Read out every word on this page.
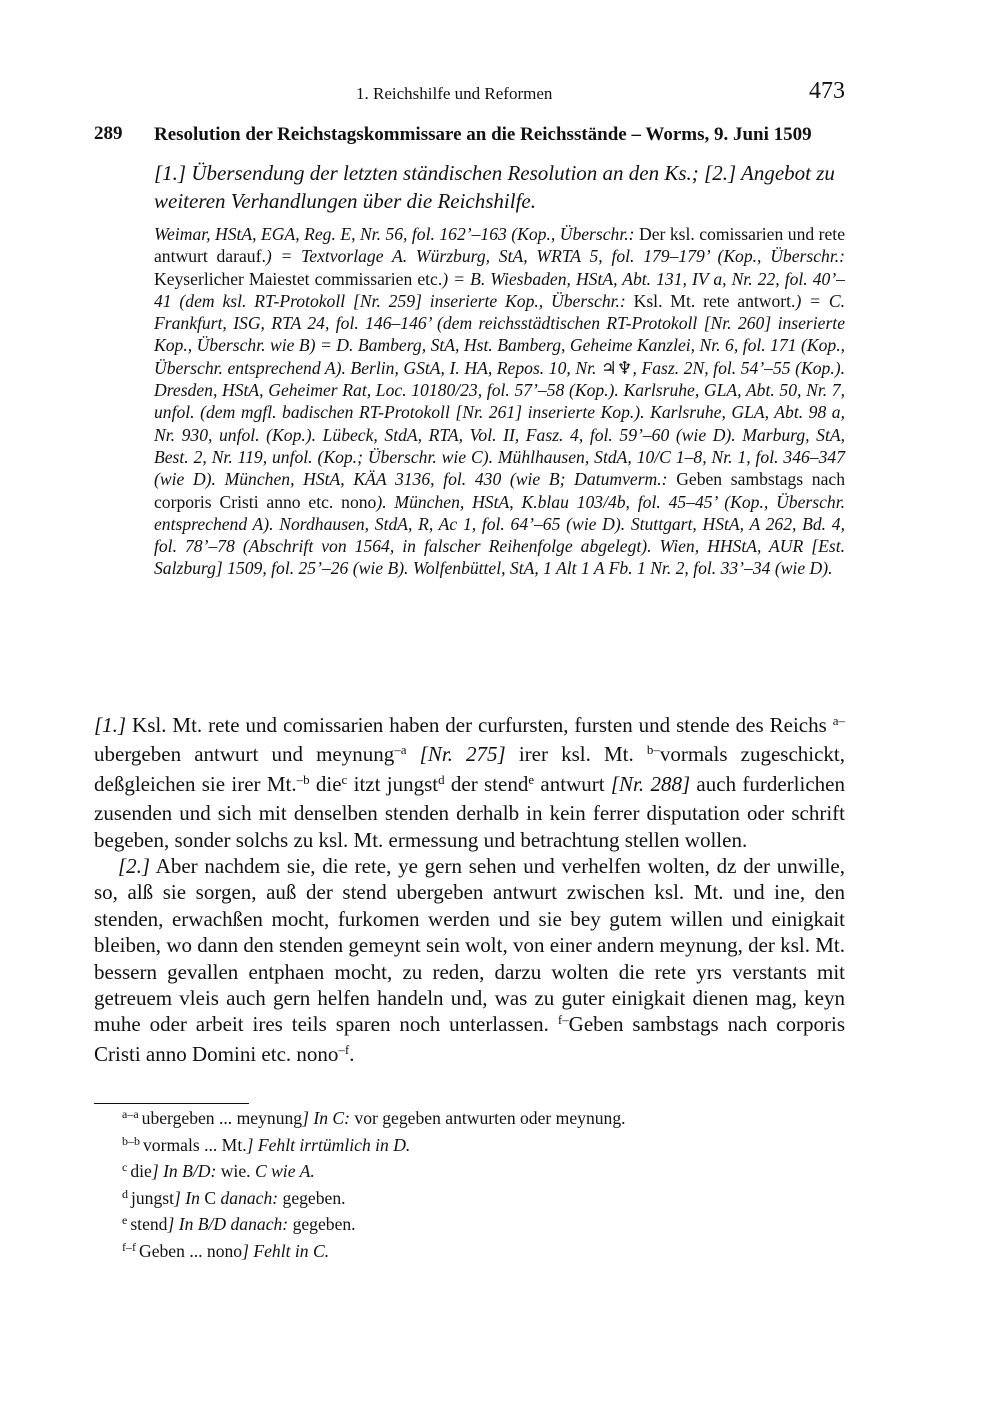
1. Reichshilfe und Reformen	473
289 Resolution der Reichstagskommissare an die Reichsstände – Worms, 9. Juni 1509
[1.] Übersendung der letzten ständischen Resolution an den Ks.; [2.] Angebot zu weiteren Verhandlungen über die Reichshilfe.
Weimar, HStA, EGA, Reg. E, Nr. 56, fol. 162’–163 (Kop., Überschr.: Der ksl. comissarien und rete antwurt darauf.) = Textvorlage A. Würzburg, StA, WRTA 5, fol. 179–179’ (Kop., Überschr.: Keyserlicher Maiestet commissarien etc.) = B. Wiesbaden, HStA, Abt. 131, IV a, Nr. 22, fol. 40’–41 (dem ksl. RT-Protokoll [Nr. 259] inserierte Kop., Überschr.: Ksl. Mt. rete antwort.) = C. Frankfurt, ISG, RTA 24, fol. 146–146’ (dem reichsstädtischen RT-Protokoll [Nr. 260] inserierte Kop., Überschr. wie B) = D. Bamberg, StA, Hst. Bamberg, Geheime Kanzlei, Nr. 6, fol. 171 (Kop., Überschr. entsprechend A). Berlin, GStA, I. HA, Repos. 10, Nr. ♃♆, Fasz. 2N, fol. 54’–55 (Kop.). Dresden, HStA, Geheimer Rat, Loc. 10180/23, fol. 57’–58 (Kop.). Karlsruhe, GLA, Abt. 50, Nr. 7, unfol. (dem mgfl. badischen RT-Protokoll [Nr. 261] inserierte Kop.). Karlsruhe, GLA, Abt. 98 a, Nr. 930, unfol. (Kop.). Lübeck, StdA, RTA, Vol. II, Fasz. 4, fol. 59’–60 (wie D). Marburg, StA, Best. 2, Nr. 119, unfol. (Kop.; Überschr. wie C). Mühlhausen, StdA, 10/C 1–8, Nr. 1, fol. 346–347 (wie D). München, HStA, KÄA 3136, fol. 430 (wie B; Datumverm.: Geben sambstags nach corporis Cristi anno etc. nono). München, HStA, K.blau 103/4b, fol. 45–45’ (Kop., Überschr. entsprechend A). Nordhausen, StdA, R, Ac 1, fol. 64’–65 (wie D). Stuttgart, HStA, A 262, Bd. 4, fol. 78’–78 (Abschrift von 1564, in falscher Reihenfolge abgelegt). Wien, HHStA, AUR [Est. Salzburg] 1509, fol. 25’–26 (wie B). Wolfenbüttel, StA, 1 Alt 1 A Fb. 1 Nr. 2, fol. 33’–34 (wie D).

[1.] Ksl. Mt. rete und comissarien haben der curfursten, fursten und stende des Reichs $^{a-}$ubergeben antwurt und meynung$^{-a}$ [Nr. 275] irer ksl. Mt. $^{b-}$vormals zugeschickt, deßgleichen sie irer Mt.$^{-b}$ die$^c$ itzt jungst$^d$ der stend$^e$ antwurt [Nr. 288] auch furderlichen zusenden und sich mit denselben stenden derhalb in kein ferrer disputation oder schrift begeben, sonder solchs zu ksl. Mt. ermessung und betrachtung stellen wollen.

[2.] Aber nachdem sie, die rete, ye gern sehen und verhelfen wolten, dz der unwille, so, alß sie sorgen, auß der stend ubergeben antwurt zwischen ksl. Mt. und ine, den stenden, erwachßen mocht, furkomen werden und sie bey gutem willen und einigkait bleiben, wo dann den stenden gemeynt sein wolt, von einer andern meynung, der ksl. Mt. bessern gevallen entphaen mocht, zu reden, darzu wolten die rete yrs verstants mit getreuem vleis auch gern helfen handeln und, was zu guter einigkait dienen mag, keyn muhe oder arbeit ires teils sparen noch unterlassen. $^{f-}$Geben sambstags nach corporis Cristi anno Domini etc. nono$^{-f}$.

$^{a-a}$ ubergeben ... meynung] In C: vor gegeben antwurten oder meynung.
$^{b-b}$ vormals ... Mt.] Fehlt irrtümlich in D.
$^c$ die] In B/D: wie. C wie A.
$^d$ jungst] In C danach: gegeben.
$^e$ stend] In B/D danach: gegeben.
$^{f-f}$ Geben ... nono] Fehlt in C.
